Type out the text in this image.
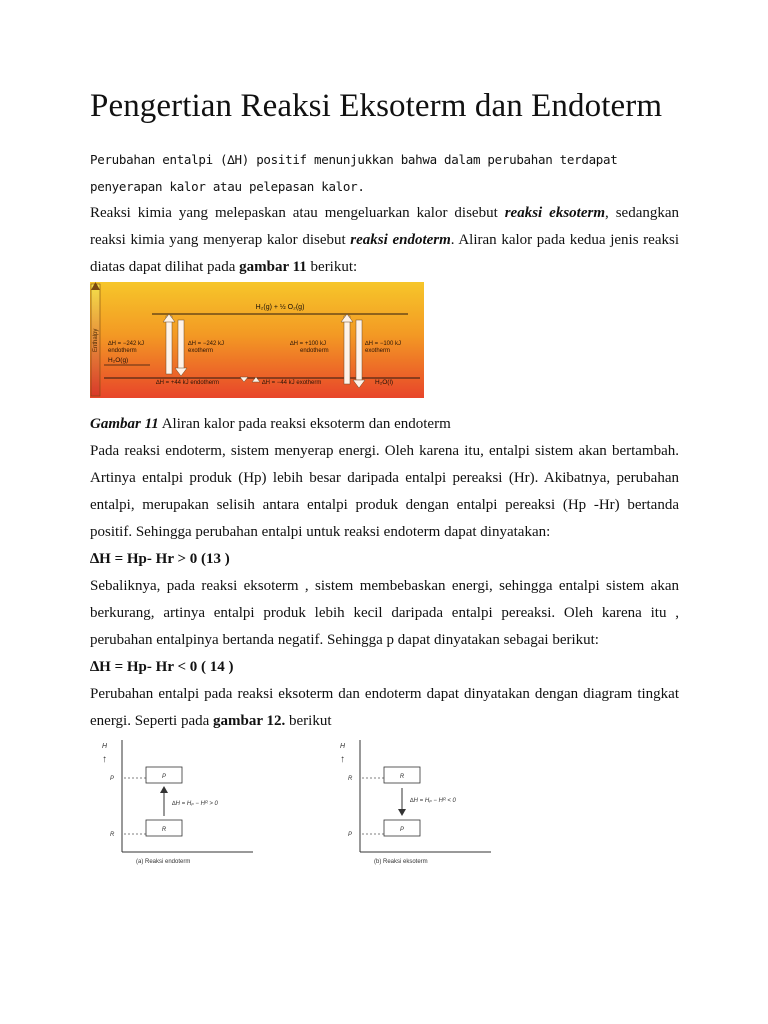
Pengertian Reaksi Eksoterm dan Endoterm

Perubahan entalpi (∆H) positif menunjukkan bahwa dalam perubahan terdapat penyerapan kalor atau pelepasan kalor.

Reaksi kimia yang melepaskan atau mengeluarkan kalor disebut reaksi eksoterm, sedangkan reaksi kimia yang menyerap kalor disebut reaksi endoterm. Aliran kalor pada kedua jenis reaksi diatas dapat dilihat pada gambar 11 berikut:

Enthalpy
H₂(g) + ½ O₂(g)
H₂O(g)
H₂O(l)
∆H = −242 kJ
endotherm
∆H = −242 kJ
exotherm
∆H = +100 kJ
endotherm
∆H = −100 kJ
exotherm
∆H = +44 kJ endotherm	∆H = −44 kJ exotherm

Gambar 11 Aliran kalor pada reaksi eksoterm dan endoterm

Pada reaksi endoterm, sistem menyerap energi. Oleh karena itu, entalpi sistem akan bertambah. Artinya entalpi produk (Hp) lebih besar daripada entalpi pereaksi (Hr). Akibatnya, perubahan entalpi, merupakan selisih antara entalpi produk dengan entalpi pereaksi (Hp -Hr) bertanda positif. Sehingga perubahan entalpi untuk reaksi endoterm dapat dinyatakan:

∆H = Hp- Hr > 0 (13 )

Sebaliknya, pada reaksi eksoterm , sistem membebaskan energi, sehingga entalpi sistem akan berkurang, artinya entalpi produk lebih kecil daripada entalpi pereaksi. Oleh karena itu , perubahan entalpinya bertanda negatif. Sehingga p dapat dinyatakan sebagai berikut:

∆H = Hp- Hr < 0 ( 14 )

Perubahan entalpi pada reaksi eksoterm dan endoterm dapat dinyatakan dengan diagram tingkat energi. Seperti pada gambar 12. berikut

H
↑
P
R
P
R
∆H = Hₚ − Hᴿ > 0
(a) Reaksi endoterm
H
↑
R
P
R
P
∆H = Hₚ − Hᴿ < 0
(b) Reaksi eksoterm
